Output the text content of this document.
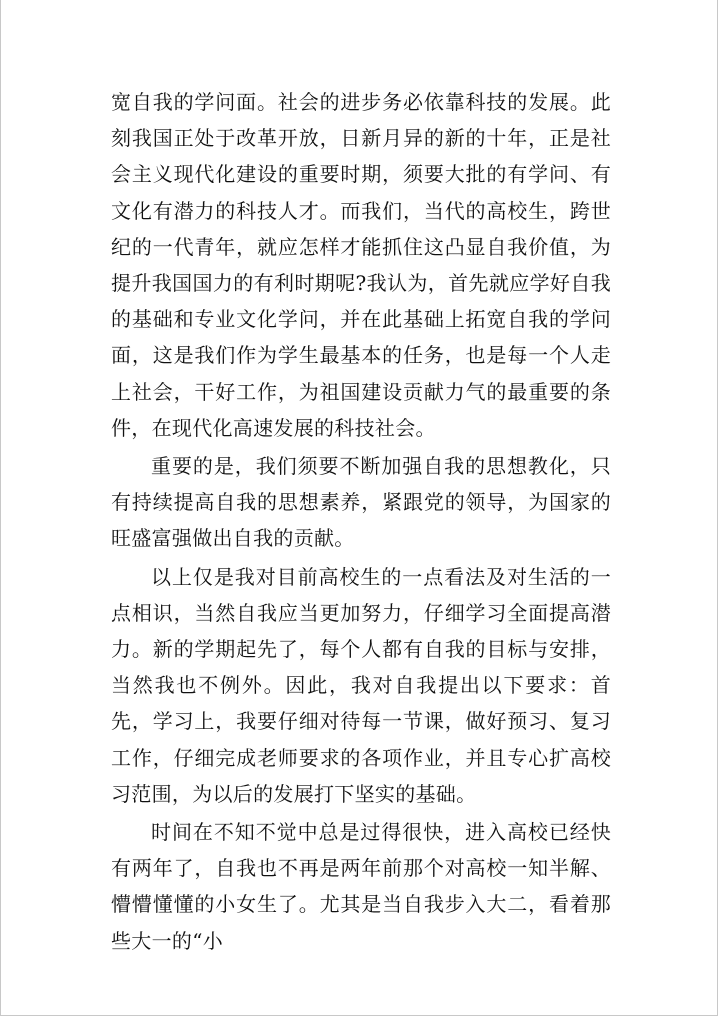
宽自我的学问面。社会的进步务必依靠科技的发展。此刻我国正处于改革开放，日新月异的新的十年，正是社会主义现代化建设的重要时期，须要大批的有学问、有文化有潜力的科技人才。而我们，当代的高校生，跨世纪的一代青年，就应怎样才能抓住这凸显自我价值，为提升我国国力的有利时期呢?我认为，首先就应学好自我的基础和专业文化学问，并在此基础上拓宽自我的学问面，这是我们作为学生最基本的任务，也是每一个人走上社会，干好工作，为祖国建设贡献力气的最重要的条件，在现代化高速发展的科技社会。

重要的是，我们须要不断加强自我的思想教化，只有持续提高自我的思想素养，紧跟党的领导，为国家的旺盛富强做出自我的贡献。

以上仅是我对目前高校生的一点看法及对生活的一点相识，当然自我应当更加努力，仔细学习全面提高潜力。新的学期起先了，每个人都有自我的目标与安排，当然我也不例外。因此，我对自我提出以下要求：首先，学习上，我要仔细对待每一节课，做好预习、复习工作，仔细完成老师要求的各项作业，并且专心扩高校习范围，为以后的发展打下坚实的基础。

时间在不知不觉中总是过得很快，进入高校已经快有两年了，自我也不再是两年前那个对高校一知半解、懵懵懂懂的小女生了。尤其是当自我步入大二，看着那些大一的“小
